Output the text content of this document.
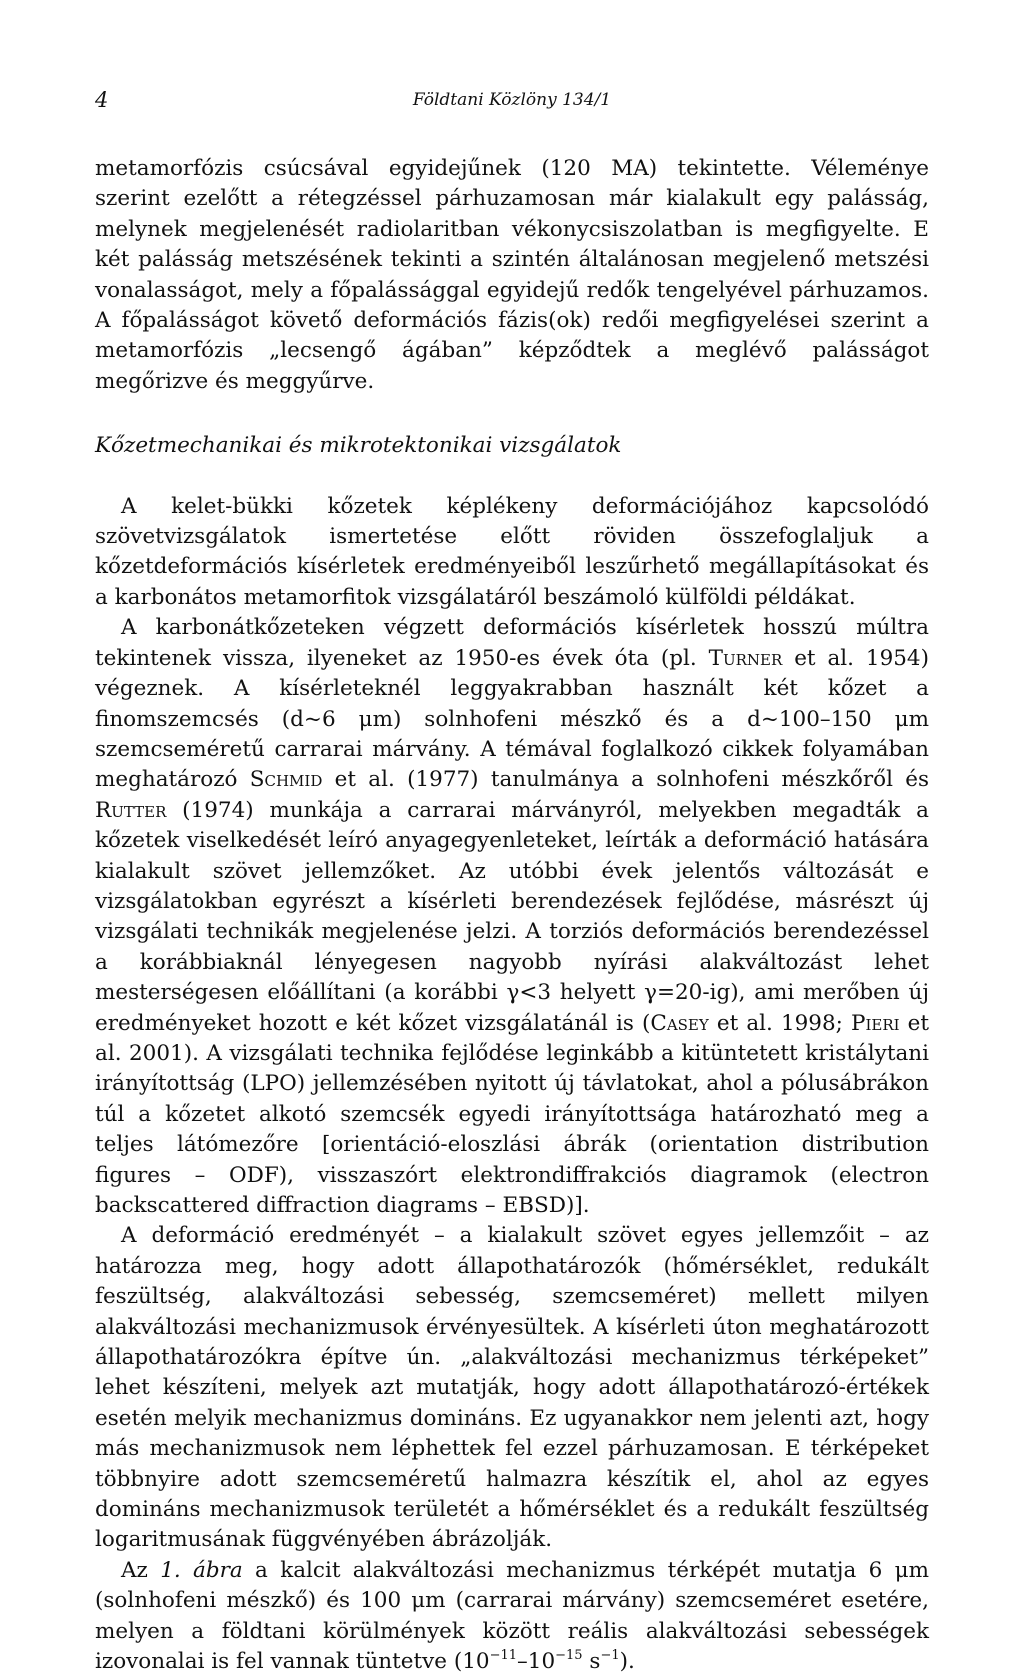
4	Földtani Közlöny 134/1

metamorfózis csúcsával egyidejűnek (120 MA) tekintette. Véleménye szerint ezelőtt a rétegzéssel párhuzamosan már kialakult egy palásság, melynek megjelenését radiolaritban vékonycsiszolatban is megfigyelte. E két palásság metszésének tekinti a szintén általánosan megjelenő metszési vonalasságot, mely a főpalássággal egyidejű redők tengelyével párhuzamos. A főpalásságot követő deformációs fázis(ok) redői megfigyelései szerint a metamorfózis „lecsengő ágában” képződtek a meglévő palásságot megőrizve és meggyűrve.

Kőzetmechanikai és mikrotektonikai vizsgálatok

A kelet-bükki kőzetek képlékeny deformációjához kapcsolódó szövetvizsgálatok ismertetése előtt röviden összefoglaljuk a kőzetdeformációs kísérletek eredményeiből leszűrhető megállapításokat és a karbonátos metamorfitok vizsgálatáról beszámoló külföldi példákat.

A karbonátkőzeteken végzett deformációs kísérletek hosszú múltra tekintenek vissza, ilyeneket az 1950-es évek óta (pl. Turner et al. 1954) végeznek. A kísérleteknél leggyakrabban használt két kőzet a finomszemcsés (d~6 μm) solnhofeni mészkő és a d~100–150 μm szemcseméretű carrarai márvány. A témával foglalkozó cikkek folyamában meghatározó Schmid et al. (1977) tanulmánya a solnhofeni mészkőről és Rutter (1974) munkája a carrarai márványról, melyekben megadták a kőzetek viselkedését leíró anyagegyenleteket, leírták a deformáció hatására kialakult szövet jellemzőket. Az utóbbi évek jelentős változását e vizsgálatokban egyrészt a kísérleti berendezések fejlődése, másrészt új vizsgálati technikák megjelenése jelzi. A torziós deformációs berendezéssel a korábbiaknál lényegesen nagyobb nyírási alakváltozást lehet mesterségesen előállítani (a korábbi γ<3 helyett γ=20-ig), ami merőben új eredményeket hozott e két kőzet vizsgálatánál is (Casey et al. 1998; Pieri et al. 2001). A vizsgálati technika fejlődése leginkább a kitüntetett kristálytani irányítottság (LPO) jellemzésében nyitott új távlatokat, ahol a pólusábrákon túl a kőzetet alkotó szemcsék egyedi irányítottsága határozható meg a teljes látómezőre [orientáció-eloszlási ábrák (orientation distribution figures – ODF), visszaszórt elektrondiffrakciós diagramok (electron backscattered diffraction diagrams – EBSD)].

A deformáció eredményét – a kialakult szövet egyes jellemzőit – az határozza meg, hogy adott állapothatározók (hőmérséklet, redukált feszültség, alakváltozási sebesség, szemcseméret) mellett milyen alakváltozási mechanizmusok érvényesültek. A kísérleti úton meghatározott állapothatározókra építve ún. „alakváltozási mechanizmus térképeket” lehet készíteni, melyek azt mutatják, hogy adott állapothatározó-értékek esetén melyik mechanizmus domináns. Ez ugyanakkor nem jelenti azt, hogy más mechanizmusok nem léphettek fel ezzel párhuzamosan. E térképeket többnyire adott szemcseméretű halmazra készítik el, ahol az egyes domináns mechanizmusok területét a hőmérséklet és a redukált feszültség logaritmusának függvényében ábrázolják.

Az 1. ábra a kalcit alakváltozási mechanizmus térképét mutatja 6 μm (solnhofeni mészkő) és 100 μm (carrarai márvány) szemcseméret esetére, melyen a földtani körülmények között reális alakváltozási sebességek izovonalai is fel vannak tüntetve ($10^{-11}-10^{-15}$ $s^{-1}$).
